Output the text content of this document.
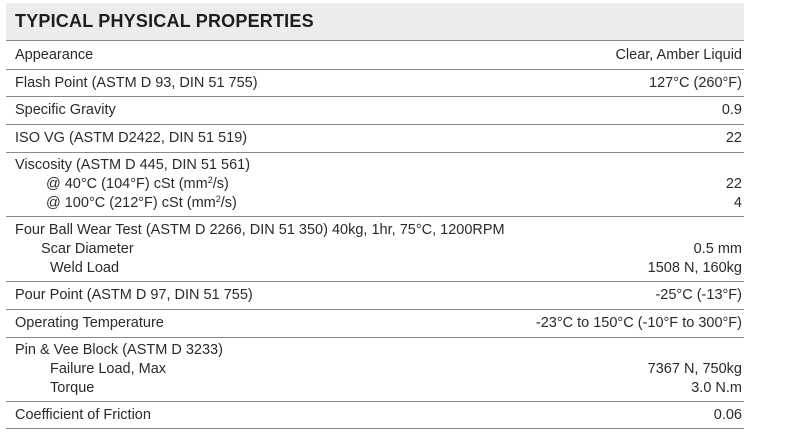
TYPICAL PHYSICAL PROPERTIES
Appearance	Clear, Amber Liquid
Flash Point (ASTM D 93, DIN 51 755)	127°C (260°F)
Specific Gravity	0.9
ISO VG (ASTM D2422, DIN 51 519)	22
Viscosity (ASTM D 445, DIN 51 561)
@ 40°C (104°F) cSt $(mm^2/s)$	22
@ 100°C (212°F) cSt $(mm^2/s)$	4
Four Ball Wear Test (ASTM D 2266, DIN 51 350) 40kg, 1hr, 75°C, 1200RPM
Scar Diameter	0.5 mm
Weld Load	1508 N, 160kg
Pour Point (ASTM D 97, DIN 51 755)	-25°C (-13°F)
Operating Temperature	-23°C to 150°C (-10°F to 300°F)
Pin & Vee Block (ASTM D 3233)
Failure Load, Max	7367 N, 750kg
Torque	3.0 N.m
Coefficient of Friction	0.06
